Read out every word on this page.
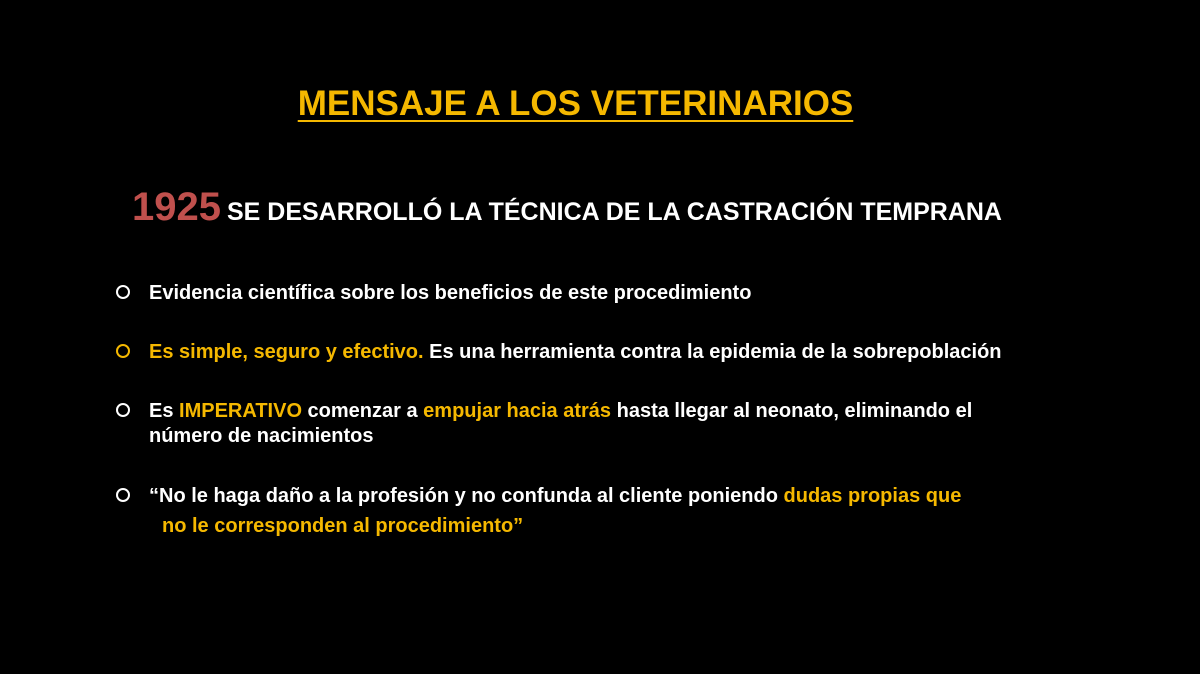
MENSAJE A LOS VETERINARIOS
1925 SE DESARROLLÓ LA TÉCNICA DE LA CASTRACIÓN TEMPRANA
Evidencia científica sobre los beneficios de este procedimiento
Es simple, seguro y efectivo. Es una herramienta contra la epidemia de la sobrepoblación
Es IMPERATIVO comenzar a empujar hacia atrás hasta llegar al neonato, eliminando el
número de nacimientos
“No le haga daño a la profesión y no confunda al cliente poniendo dudas propias que
no le corresponden al procedimiento”
